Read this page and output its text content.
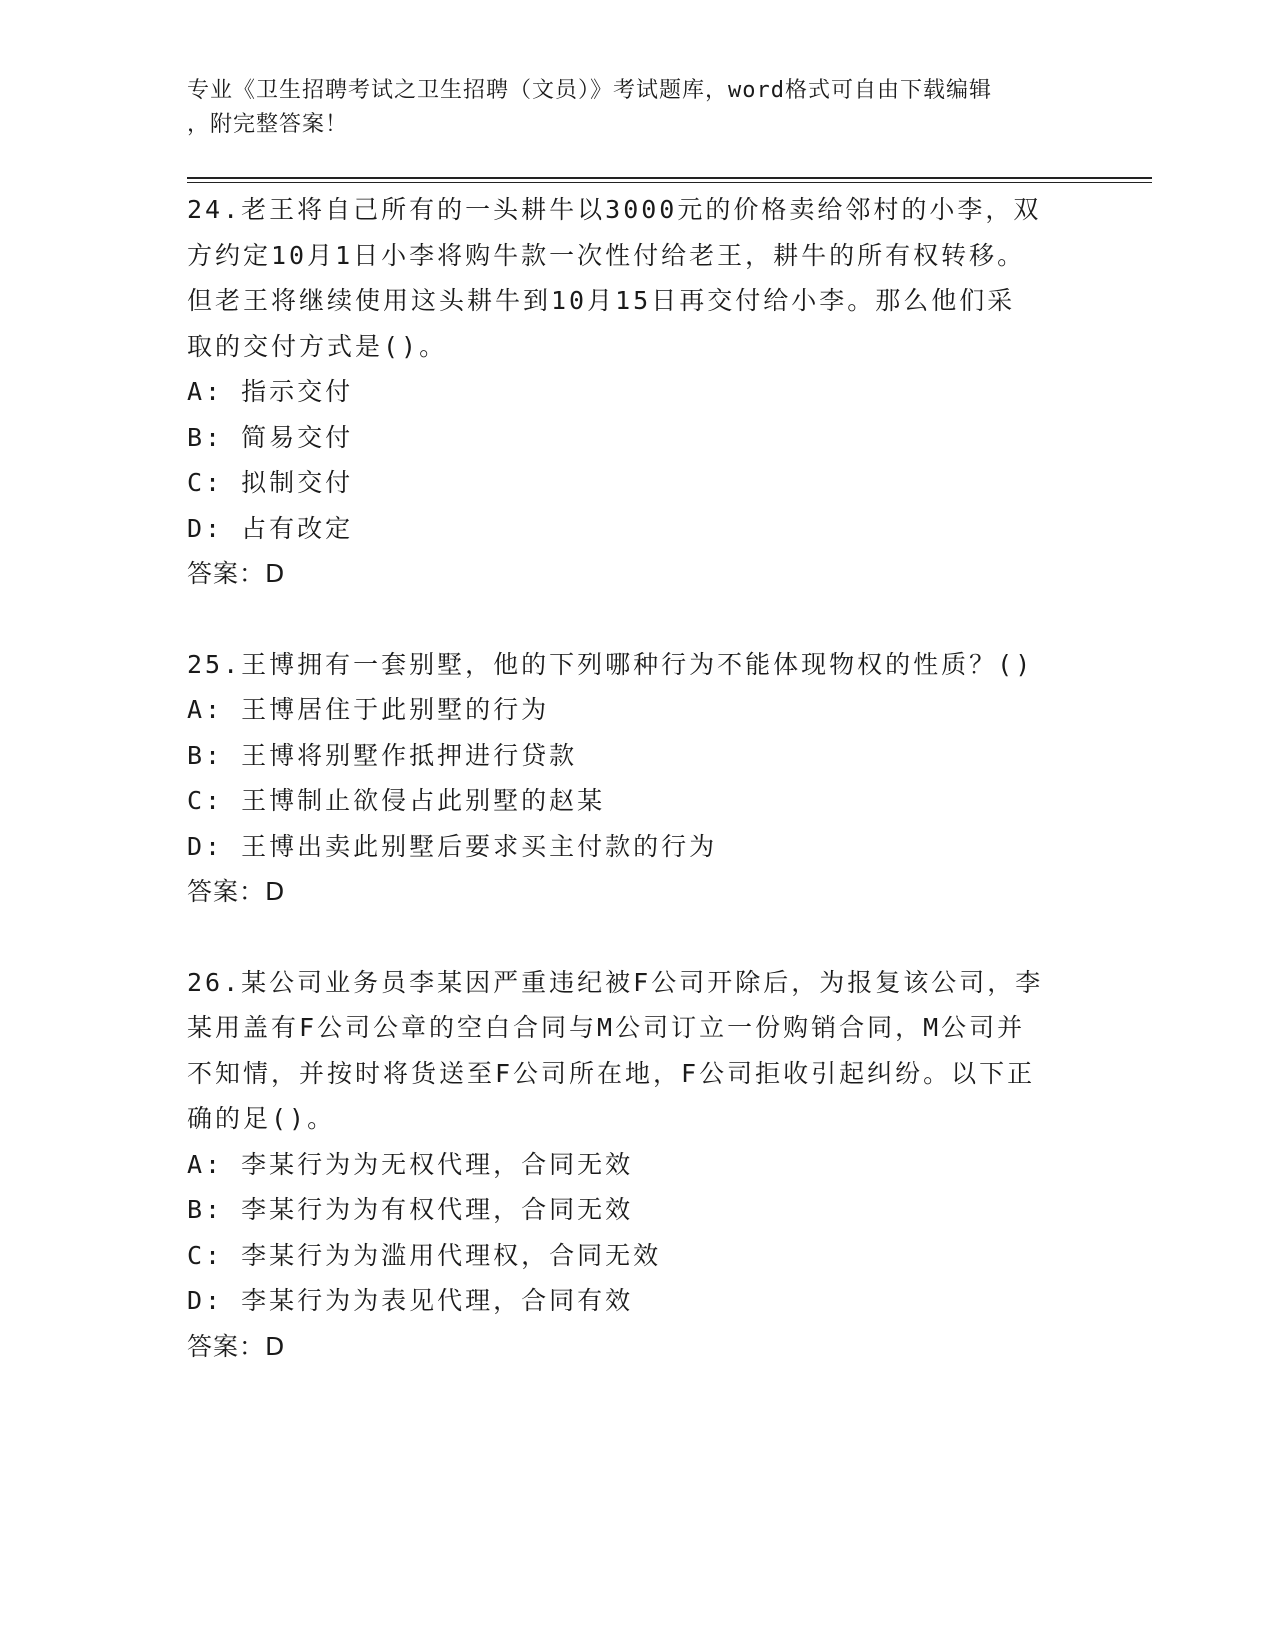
专业《卫生招聘考试之卫生招聘（文员）》考试题库，word格式可自由下载编辑
，附完整答案！
24.老王将自己所有的一头耕牛以3000元的价格卖给邻村的小李，双
方约定10月1日小李将购牛款一次性付给老王，耕牛的所有权转移。
但老王将继续使用这头耕牛到10月15日再交付给小李。那么他们采
取的交付方式是()。
A: 指示交付
B: 简易交付
C: 拟制交付
D: 占有改定
答案：D
25.王博拥有一套别墅，他的下列哪种行为不能体现物权的性质？()
A: 王博居住于此别墅的行为
B: 王博将别墅作抵押进行贷款
C: 王博制止欲侵占此别墅的赵某
D: 王博出卖此别墅后要求买主付款的行为
答案：D
26.某公司业务员李某因严重违纪被F公司开除后，为报复该公司，李
某用盖有F公司公章的空白合同与M公司订立一份购销合同，M公司并
不知情，并按时将货送至F公司所在地，F公司拒收引起纠纷。以下正
确的足()。
A: 李某行为为无权代理，合同无效
B: 李某行为为有权代理，合同无效
C: 李某行为为滥用代理权，合同无效
D: 李某行为为表见代理，合同有效
答案：D
